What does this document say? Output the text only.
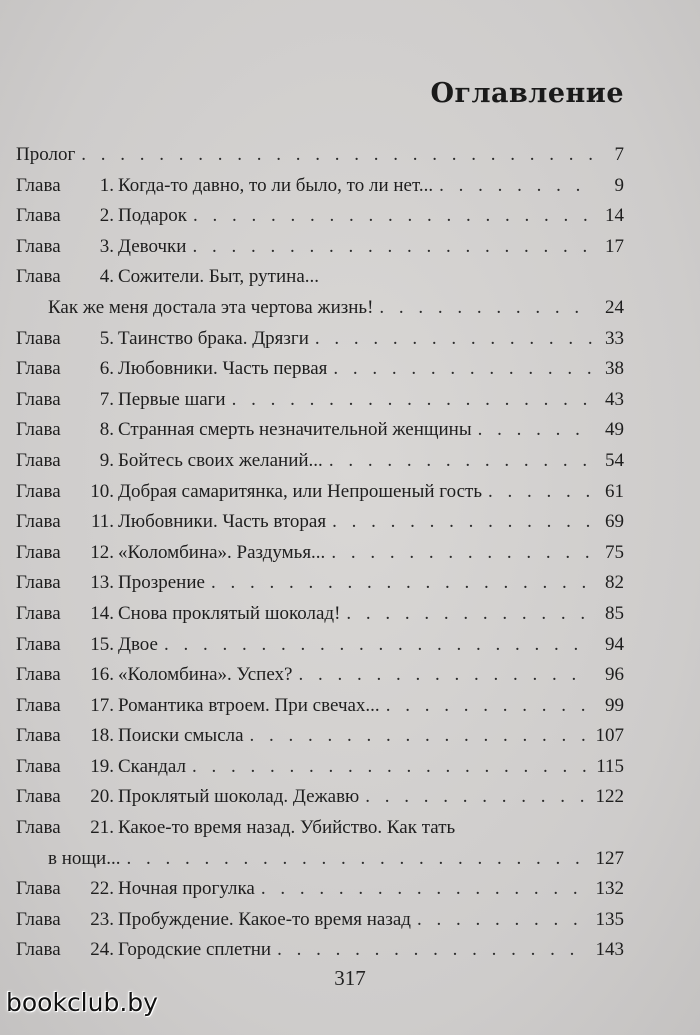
Оглавление
Пролог . . .	7
Глава	1. Когда-то давно, то ли было, то ли нет... . . .	9
Глава	2. Подарок . . .	14
Глава	3. Девочки . . .	17
Глава	4. Сожители. Быт, рутина...
Как же меня достала эта чертова жизнь! . . .	24
Глава	5. Таинство брака. Дрязги . . .	33
Глава	6. Любовники. Часть первая . . .	38
Глава	7. Первые шаги . . .	43
Глава	8. Странная смерть незначительной женщины . . .	49
Глава	9. Бойтесь своих желаний... . . .	54
Глава	10. Добрая самаритянка, или Непрошеный гость . . .	61
Глава	11. Любовники. Часть вторая . . .	69
Глава	12. «Коломбина». Раздумья... . . .	75
Глава	13. Прозрение . . .	82
Глава	14. Снова проклятый шоколад! . . .	85
Глава	15. Двое . . .	94
Глава	16. «Коломбина». Успех? . . .	96
Глава	17. Романтика втроем. При свечах... . . .	99
Глава	18. Поиски смысла . . .	107
Глава	19. Скандал . . .	115
Глава	20. Проклятый шоколад. Дежавю . . .	122
Глава	21. Какое-то время назад. Убийство. Как тать
в нощи... . . .	127
Глава	22. Ночная прогулка . . .	132
Глава	23. Пробуждение. Какое-то время назад . . .	135
Глава	24. Городские сплетни . . .	143
317
bookclub.by
